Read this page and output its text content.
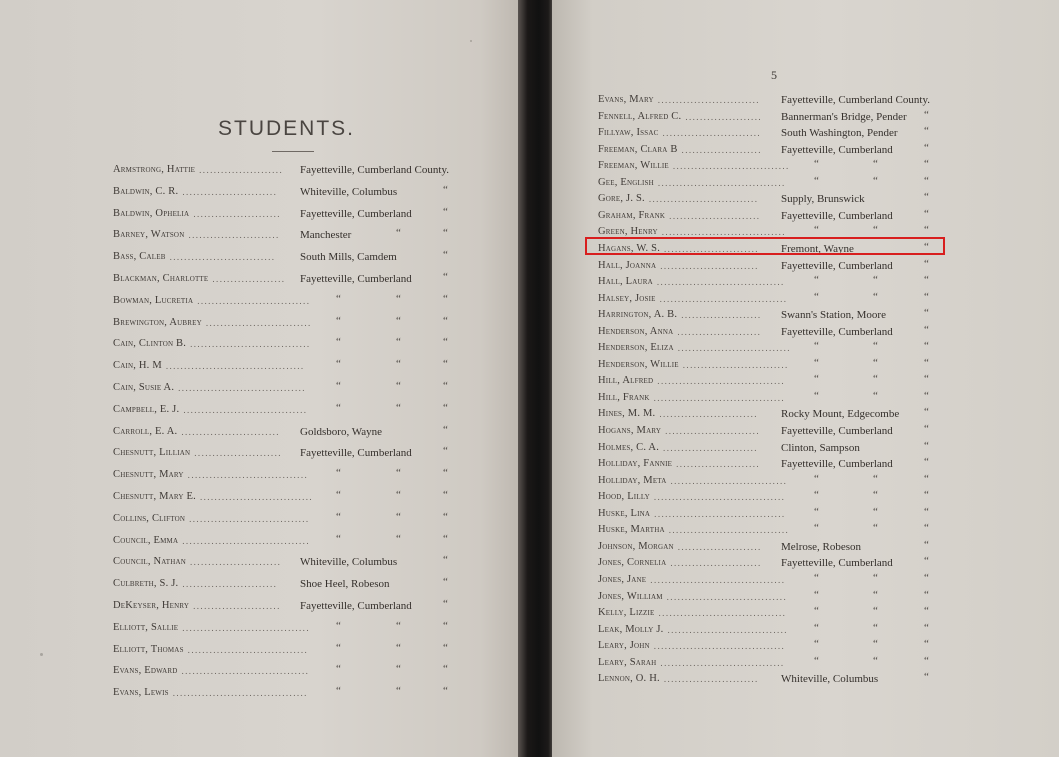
STUDENTS.
Armstrong, Hattie .......................	Fayetteville, Cumberland County.
Baldwin, C. R. ..........................	Whiteville, Columbus	“
Baldwin, Ophelia ........................	Fayetteville, Cumberland	“
Barney, Watson .........................	Manchester	“	“
Bass, Caleb .............................	South Mills, Camdem	“
Blackman, Charlotte ....................	Fayetteville, Cumberland	“
Bowman, Lucretia ...............................	“	“	“
Brewington, Aubrey .............................	“	“	“
Cain, Clinton B. .................................	“	“	“
Cain, H. M ......................................	“	“	“
Cain, Susie A. ...................................	“	“	“
Campbell, E. J. ..................................	“	“	“
Carroll, E. A. ...........................	Goldsboro, Wayne	“
Chesnutt, Lillian ........................	Fayetteville, Cumberland	“
Chesnutt, Mary .................................	“	“	“
Chesnutt, Mary E. ...............................	“	“	“
Collins, Clifton .................................	“	“	“
Council, Emma ...................................	“	“	“
Council, Nathan .........................	Whiteville, Columbus	“
Culbreth, S. J. ..........................	Shoe Heel, Robeson	“
DeKeyser, Henry ........................	Fayetteville, Cumberland	“
Elliott, Sallie ...................................	“	“	“
Elliott, Thomas .................................	“	“	“
Evans, Edward ...................................	“	“	“
Evans, Lewis .....................................	“	“	“
Evans, Mary ............................	Fayetteville, Cumberland County.
Fennell, Alfred C. .....................	Bannerman's Bridge, Pender “
Fillyaw, Issac ...........................	South Washington, Pender “
Freeman, Clara B ......................	Fayetteville, Cumberland	“
Freeman, Willie ................................	“	“	“
Gee, English ...................................	“	“	“
Gore, J. S. ..............................	Supply, Brunswick	“
Graham, Frank .........................	Fayetteville, Cumberland	“
Green, Henry ..................................	“	“	“
Hagans, W. S. ..........................	Fremont, Wayne	“
Hall, Joanna ...........................	Fayetteville, Cumberland	“
Hall, Laura ...................................	“	“	“
Halsey, Josie ...................................	“	“	“
Harrington, A. B. ......................	Swann's Station, Moore	“
Henderson, Anna .......................	Fayetteville, Cumberland	“
Henderson, Eliza ...............................	“	“	“
Henderson, Willie .............................	“	“	“
Hill, Alfred ...................................	“	“	“
Hill, Frank ....................................	“	“	“
Hines, M. M. ...........................	Rocky Mount, Edgecombe “
Hogans, Mary ..........................	Fayetteville, Cumberland	“
Holmes, C. A. ..........................	Clinton, Sampson	“
Holliday, Fannie .......................	Fayetteville, Cumberland	“
Holliday, Meta ................................	“	“	“
Hood, Lilly ....................................	“	“	“
Huske, Lina ....................................	“	“	“
Huske, Martha .................................	“	“	“
Johnson, Morgan .......................	Melrose, Robeson	“
Jones, Cornelia .........................	Fayetteville, Cumberland	“
Jones, Jane .....................................	“	“	“
Jones, William .................................	“	“	“
Kelly, Lizzie ...................................	“	“	“
Leak, Molly J. .................................	“	“	“
Leary, John ....................................	“	“	“
Leary, Sarah ..................................	“	“	“
Lennon, O. H. ..........................	Whiteville, Columbus	“
5
